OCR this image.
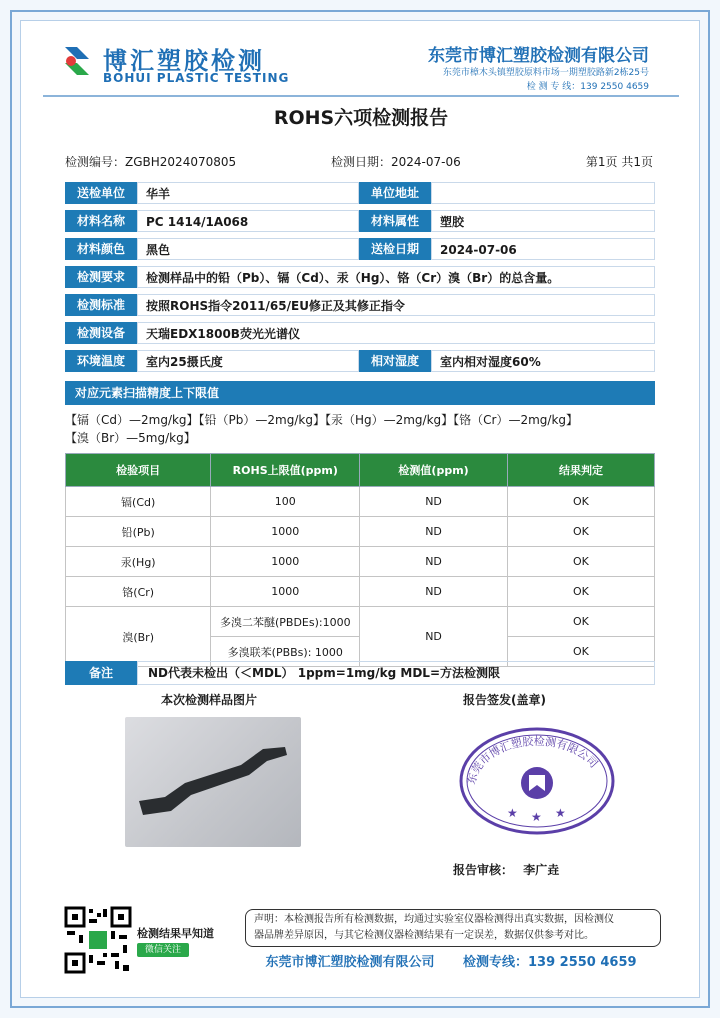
博汇塑胶检测
BOHUI PLASTIC TESTING
东莞市博汇塑胶检测有限公司
东莞市樟木头镇塑胶原料市场一期塑胶路新2栋25号
检 测 专 线：139 2550 4659
ROHS六项检测报告
检测编号：ZGBH2024070805	检测日期：2024-07-06	第1页 共1页
送检单位	华羊	单位地址
材料名称	PC 1414/1A068	材料属性	塑胶
材料颜色	黑色	送检日期	2024-07-06
检测要求	检测样品中的铅（Pb）、镉（Cd）、汞（Hg）、铬（Cr）溴（Br）的总含量。
检测标准	按照ROHS指令2011/65/EU修正及其修正指令
检测设备	天瑞EDX1800B荧光光谱仪
环境温度	室内25摄氏度	相对湿度	室内相对湿度60%
对应元素扫描精度上下限值
【镉（Cd）—2mg/kg】【铅（Pb）—2mg/kg】【汞（Hg）—2mg/kg】【铬（Cr）—2mg/kg】
【溴（Br）—5mg/kg】
检验项目	ROHS上限值(ppm)	检测值(ppm)	结果判定
镉(Cd)	100	ND	OK
铅(Pb)	1000	ND	OK
汞(Hg)	1000	ND	OK
铬(Cr)	1000	ND	OK
溴(Br)	多溴二苯醚(PBDEs):1000	ND	OK
	多溴联苯(PBBs): 1000		OK
备注	ND代表未检出（＜MDL） 1ppm=1mg/kg MDL=方法检测限
本次检测样品图片	报告签发(盖章)
东莞市博汇塑胶检测有限公司
★ ★ ★
报告审核： 李广垚
检测结果早知道
微信关注
声明：本检测报告所有检测数据，均通过实验室仪器检测得出真实数据，因检测仪
器品牌差异原因，与其它检测仪器检测结果有一定误差，数据仅供参考对比。
东莞市博汇塑胶检测有限公司 检测专线：139 2550 4659
